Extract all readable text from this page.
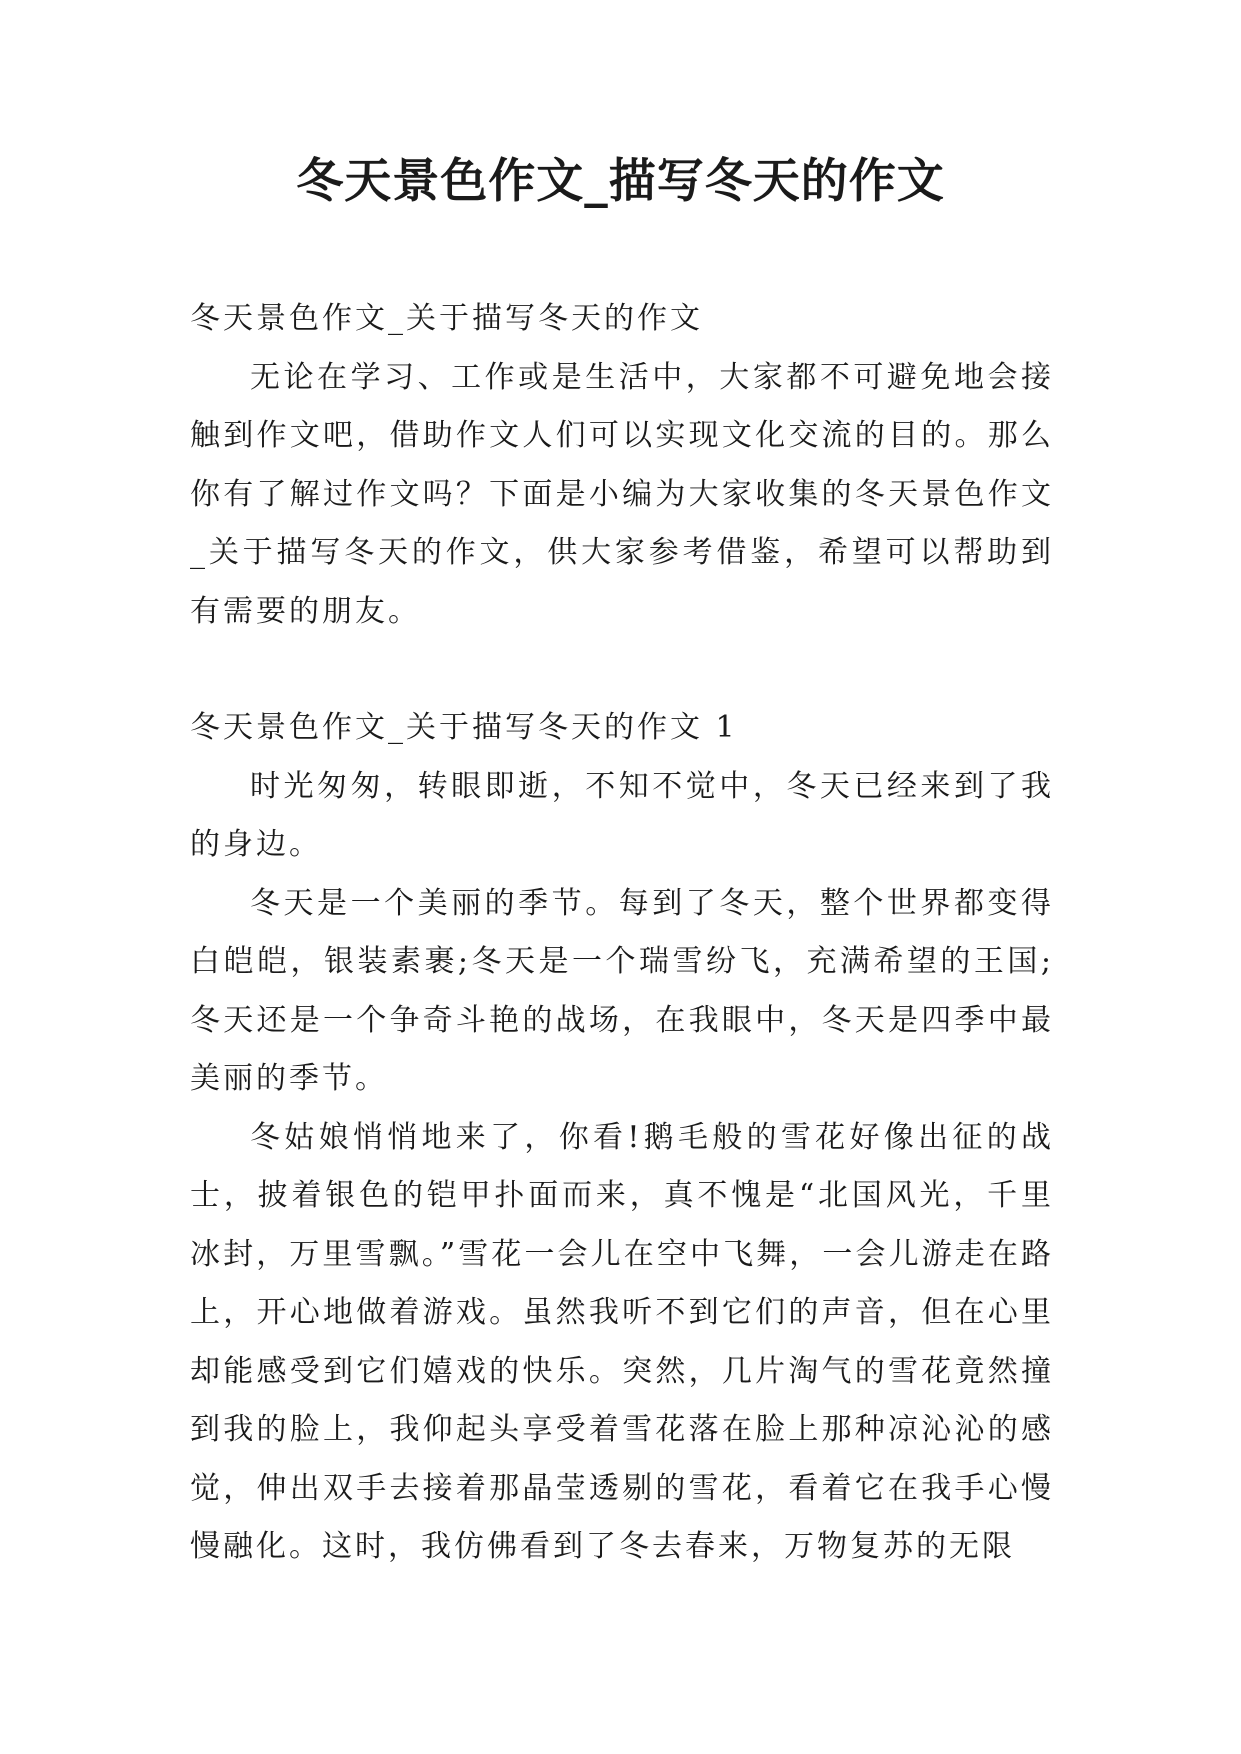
冬天景色作文_描写冬天的作文

冬天景色作文_关于描写冬天的作文

无论在学习、工作或是生活中，大家都不可避免地会接触到作文吧，借助作文人们可以实现文化交流的目的。那么你有了解过作文吗？下面是小编为大家收集的冬天景色作文_关于描写冬天的作文，供大家参考借鉴，希望可以帮助到有需要的朋友。

冬天景色作文_关于描写冬天的作文 1

时光匆匆，转眼即逝，不知不觉中，冬天已经来到了我的身边。

冬天是一个美丽的季节。每到了冬天，整个世界都变得白皑皑，银装素裹;冬天是一个瑞雪纷飞，充满希望的王国;冬天还是一个争奇斗艳的战场，在我眼中，冬天是四季中最美丽的季节。

冬姑娘悄悄地来了，你看!鹅毛般的雪花好像出征的战士，披着银色的铠甲扑面而来，真不愧是“北国风光，千里冰封，万里雪飘。”雪花一会儿在空中飞舞，一会儿游走在路上，开心地做着游戏。虽然我听不到它们的声音，但在心里却能感受到它们嬉戏的快乐。突然，几片淘气的雪花竟然撞到我的脸上，我仰起头享受着雪花落在脸上那种凉沁沁的感觉，伸出双手去接着那晶莹透剔的雪花，看着它在我手心慢慢融化。这时，我仿佛看到了冬去春来，万物复苏的无限
